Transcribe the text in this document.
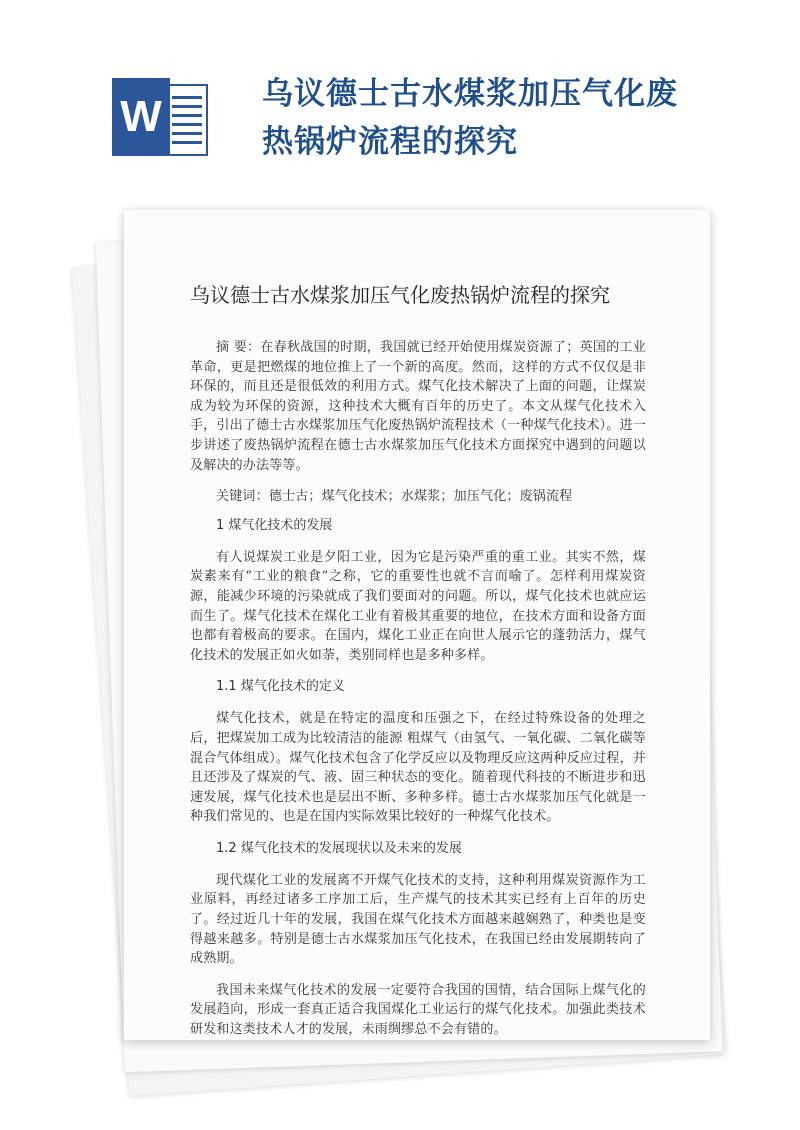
W	乌议德士古水煤浆加压气化废热锅炉流程的探究
乌议德士古水煤浆加压气化废热锅炉流程的探究

摘 要：在春秋战国的时期，我国就已经开始使用煤炭资源了；英国的工业革命，更是把燃煤的地位推上了一个新的高度。然而，这样的方式不仅仅是非环保的，而且还是很低效的利用方式。煤气化技术解决了上面的问题，让煤炭成为较为环保的资源，这种技术大概有百年的历史了。本文从煤气化技术入手，引出了德士古水煤浆加压气化废热锅炉流程技术（一种煤气化技术）。进一步讲述了废热锅炉流程在德士古水煤浆加压气化技术方面探究中遇到的问题以及解决的办法等等。

关键词：德士古；煤气化技术；水煤浆；加压气化；废锅流程

1 煤气化技术的发展

有人说煤炭工业是夕阳工业，因为它是污染严重的重工业。其实不然，煤炭素来有“工业的粮食”之称，它的重要性也就不言而喻了。怎样利用煤炭资源，能减少环境的污染就成了我们要面对的问题。所以，煤气化技术也就应运而生了。煤气化技术在煤化工业有着极其重要的地位，在技术方面和设备方面也都有着极高的要求。在国内，煤化工业正在向世人展示它的蓬勃活力，煤气化技术的发展正如火如荼，类别同样也是多种多样。

1.1 煤气化技术的定义

煤气化技术，就是在特定的温度和压强之下，在经过特殊设备的处理之后，把煤炭加工成为比较清洁的能源 粗煤气（由氢气、一氧化碳、二氧化碳等混合气体组成）。煤气化技术包含了化学反应以及物理反应这两种反应过程，并且还涉及了煤炭的气、液、固三种状态的变化。随着现代科技的不断进步和迅速发展，煤气化技术也是层出不断、多种多样。德士古水煤浆加压气化就是一种我们常见的、也是在国内实际效果比较好的一种煤气化技术。

1.2 煤气化技术的发展现状以及未来的发展

现代煤化工业的发展离不开煤气化技术的支持，这种利用煤炭资源作为工业原料，再经过诸多工序加工后，生产煤气的技术其实已经有上百年的历史了。经过近几十年的发展，我国在煤气化技术方面越来越娴熟了，种类也是变得越来越多。特别是德士古水煤浆加压气化技术，在我国已经由发展期转向了成熟期。

我国未来煤气化技术的发展一定要符合我国的国情，结合国际上煤气化的发展趋向，形成一套真正适合我国煤化工业运行的煤气化技术。加强此类技术研发和这类技术人才的发展，未雨绸缪总不会有错的。
